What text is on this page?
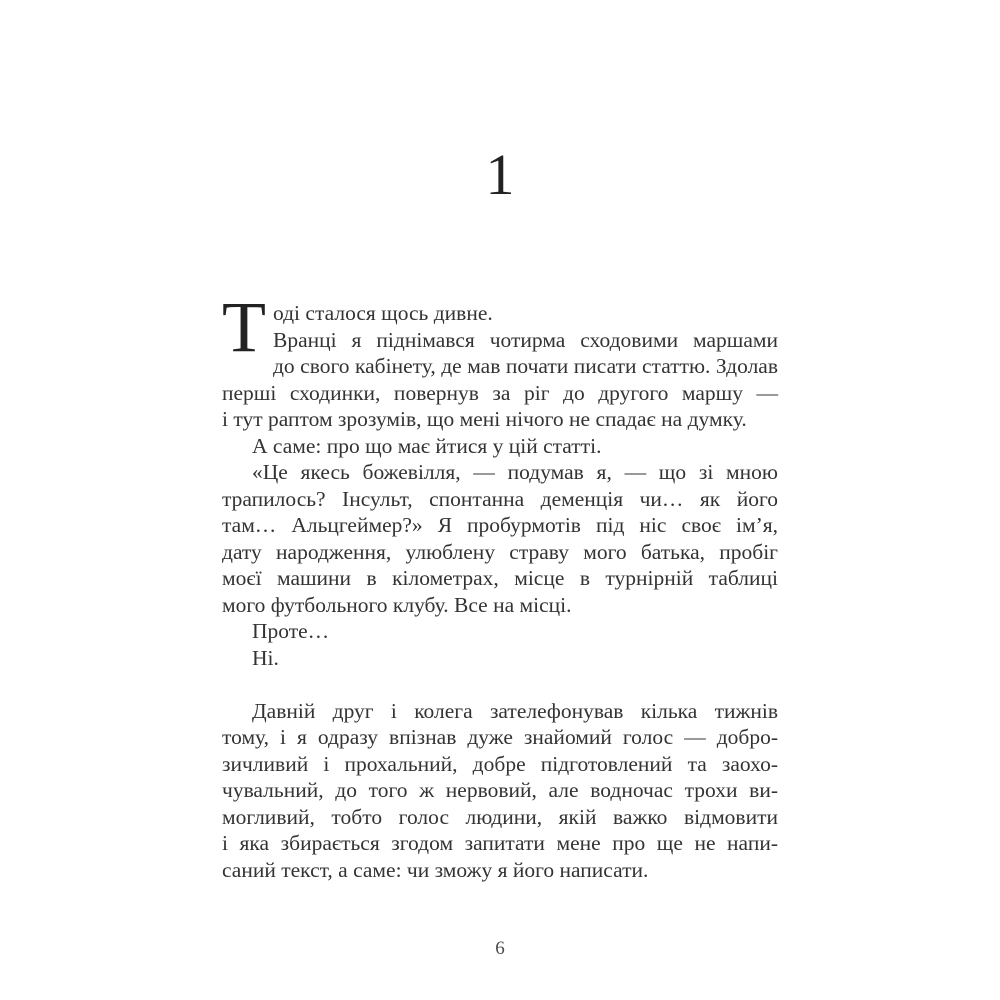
1
Т оді сталося щось дивне.
Вранці я піднімався чотирма сходовими маршами
до свого кабінету, де мав почати писати статтю. Здолав
перші сходинки, повернув за ріг до другого маршу —
і тут раптом зрозумів, що мені нічого не спадає на думку.
А саме: про що має йтися у цій статті.
«Це якесь божевілля, — подумав я, — що зі мною
трапилось? Інсульт, спонтанна деменція чи… як його
там… Альцгеймер?» Я пробурмотів під ніс своє ім’я,
дату народження, улюблену страву мого батька, пробіг
моєї машини в кілометрах, місце в турнірній таблиці
мого футбольного клубу. Все на місці.
Проте…
Ні.
Давній друг і колега зателефонував кілька тижнів
тому, і я одразу впізнав дуже знайомий голос — добро-
зичливий і прохальний, добре підготовлений та заохо-
чувальний, до того ж нервовий, але водночас трохи ви-
могливий, тобто голос людини, якій важко відмовити
і яка збирається згодом запитати мене про ще не напи-
саний текст, а саме: чи зможу я його написати.
6
